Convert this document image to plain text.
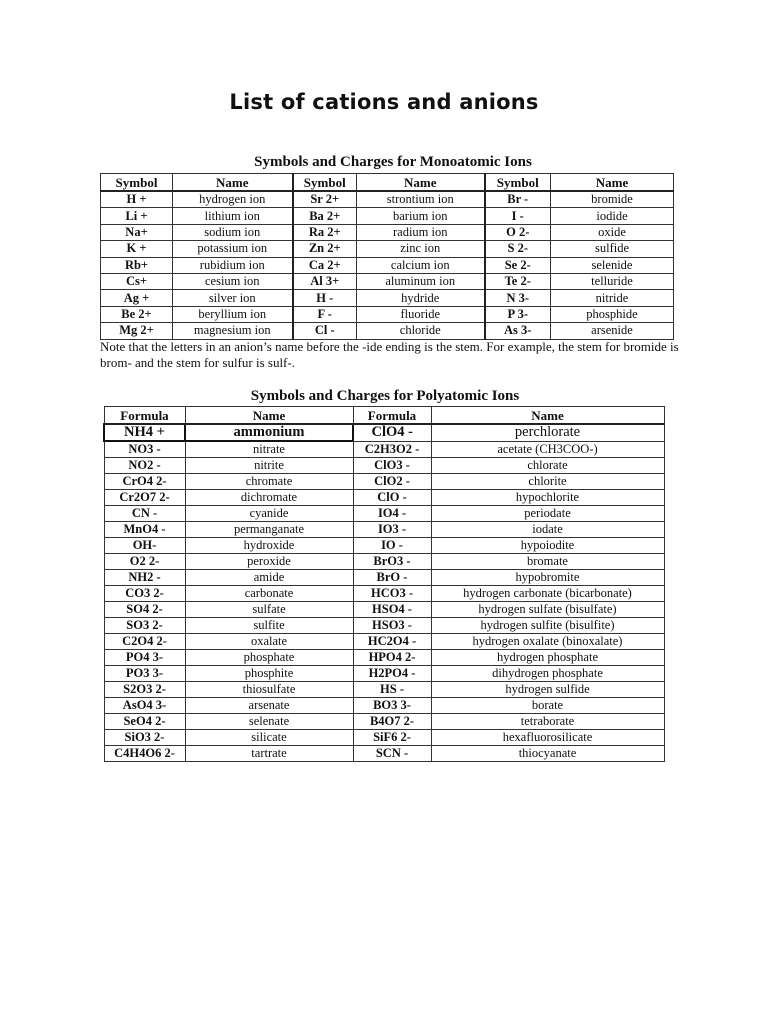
List of cations and anions
Symbols and Charges for Monoatomic Ions
Symbol	Name	Symbol	Name	Symbol	Name
H +	hydrogen ion	Sr 2+	strontium ion	Br -	bromide
Li +	lithium ion	Ba 2+	barium ion	I -	iodide
Na+	sodium ion	Ra 2+	radium ion	O 2-	oxide
K +	potassium ion	Zn 2+	zinc ion	S 2-	sulfide
Rb+	rubidium ion	Ca 2+	calcium ion	Se 2-	selenide
Cs+	cesium ion	Al 3+	aluminum ion	Te 2-	telluride
Ag +	silver ion	H -	hydride	N 3-	nitride
Be 2+	beryllium ion	F -	fluoride	P 3-	phosphide
Mg 2+	magnesium ion	Cl -	chloride	As 3-	arsenide
Note that the letters in an anion’s name before the -ide ending is the stem. For example, the stem for bromide is brom- and the stem for sulfur is sulf-.
Symbols and Charges for Polyatomic Ions
Formula	Name	Formula	Name
NH4 +	ammonium	ClO4 -	perchlorate
NO3 -	nitrate	C2H3O2 -	acetate (CH3COO-)
NO2 -	nitrite	ClO3 -	chlorate
CrO4 2-	chromate	ClO2 -	chlorite
Cr2O7 2-	dichromate	ClO -	hypochlorite
CN -	cyanide	IO4 -	periodate
MnO4 -	permanganate	IO3 -	iodate
OH-	hydroxide	IO -	hypoiodite
O2 2-	peroxide	BrO3 -	bromate
NH2 -	amide	BrO -	hypobromite
CO3 2-	carbonate	HCO3 -	hydrogen carbonate (bicarbonate)
SO4 2-	sulfate	HSO4 -	hydrogen sulfate (bisulfate)
SO3 2-	sulfite	HSO3 -	hydrogen sulfite (bisulfite)
C2O4 2-	oxalate	HC2O4 -	hydrogen oxalate (binoxalate)
PO4 3-	phosphate	HPO4 2-	hydrogen phosphate
PO3 3-	phosphite	H2PO4 -	dihydrogen phosphate
S2O3 2-	thiosulfate	HS -	hydrogen sulfide
AsO4 3-	arsenate	BO3 3-	borate
SeO4 2-	selenate	B4O7 2-	tetraborate
SiO3 2-	silicate	SiF6 2-	hexafluorosilicate
C4H4O6 2-	tartrate	SCN -	thiocyanate
